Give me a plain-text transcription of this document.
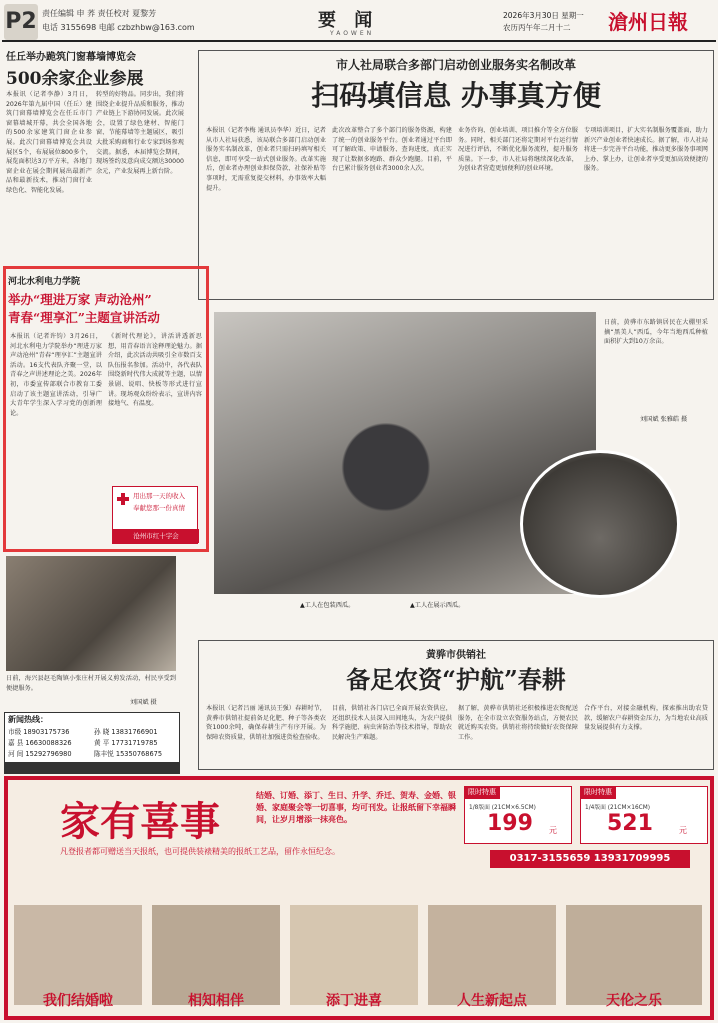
P2 责任编辑 申 荞 责任校对 夏黎芳
电话 3155698 电邮 czbzhbw@163.com	要 闻
YAOWEN
2026年3月30日 星期一
农历丙午年二月十二 滄州日報
任丘举办跪筑门窗幕墙博览会
500余家企业参展
本报讯（记者李静）3月日，2026年第九届中国（任丘）建筑门窗幕墙博览会在任丘市门窗幕墙城开幕，共会全国各地的500余家建筑门窗企业参展。此次门窗幕墙博览会共设展区5个，布展展位800多个，展览面积达3万平方米，各地门窗企业在展会期间展出最新产品和最新技术，推动门窗行业绿色化、智能化发展。
转型的好物品。同步出，我们将围绕企业提升品质和服务，推动产业链上下游协同发展。此次展会，设置了绿色建材、智能门窗、节能幕墙等主题展区，吸引大批采购商和行业专家到场参观交流。据悉，本届博览会期间，现场签约及意向成交额达30000余元，产业发展再上新台阶。
市人社局联合多部门启动创业服务实名制改革
扫码填信息 办事真方便
本报讯（记者李梅 通讯员李华）近日，记者从市人社局获悉，该局联合多部门启动创业服务实名制改革，创业者只需扫码填写相关信息，即可享受一站式创业服务。改革实施后，创业者办理创业担保贷款、社保补贴等事项时，无需重复提交材料，办事效率大幅提升。
此次改革整合了多个部门的服务资源，构建了统一的创业服务平台。创业者通过平台即可了解政策、申请服务、查询进度，真正实现了让数据多跑路、群众少跑腿。目前，平台已累计服务创业者3000余人次。
业务咨询、创业培训、项目推介等全方位服务。同时，相关部门还将定期对平台运行情况进行评估，不断优化服务流程，提升服务质量。下一步，市人社局将继续深化改革，为创业者营造更加便利的创业环境。
专项培训项目，扩大实名制服务覆盖面，助力新兴产业创业者快速成长。据了解，市人社局将进一步完善平台功能，推动更多服务事项网上办、掌上办，让创业者享受更加高效便捷的服务。
河北水利电力学院
举办“理进万家 声动沧州”
青春“理享汇”主题宣讲活动
本报讯（记者许钧）3月26日，河北水利电力学院举办“理进万家 声动沧州”青春“理享汇”主题宣讲活动。16支代表队齐聚一堂，以青春之声讲述理论之美。2026年初，市委宣传部联合市教育工委启动了该主题宣讲活动，引导广大青年学生深入学习党的创新理论。
《新时代理论》，讲活讲透新思想，用青春语言诠释理论魅力。据介绍，此次活动共吸引全市数百支队伍报名参加。活动中，各代表队围绕新时代伟大成就等主题，以情景剧、说唱、快板等形式进行宣讲。现场观众纷纷表示，宣讲内容接地气、有温度。
用出那一天的收入
奉献您那一份真情
沧州市红十字会
日前，海兴县赵毛陶镇小张庄村开展义剪发活动，村民享受到便捷服务。
刘国斌 摄
新闻热线：
市级 18903175736	孙 晓 13831766901
嘉 县 16630088326	黄 平 17731719785
河 间 15292796980	陈丰悦 15350768675
日前，黄骅市东路镇居民在大棚里采摘“黑美人”西瓜，今年当地西瓜种植面积扩大到10万余亩。
刘国斌 张雅皓 摄
▲工人在包装西瓜。	▲工人在展示西瓜。
黄骅市供销社
备足农资“护航”春耕
本报讯（记者吕丽 通讯员王强）春耕时节，黄骅市供销社提前备足化肥、种子等各类农资1000余吨，确保春耕生产有序开展。为保障农资质量，供销社加强进货检查验收。
目前，供销社各门店已全面开展农资供应，还组织技术人员深入田间地头，为农户提供科学施肥、病虫害防治等技术指导，帮助农民解决生产难题。
据了解，黄骅市供销社还积极推进农资配送服务，在全市设立农资服务站点，方便农民就近购买农资。供销社将持续做好农资保障工作。
合作平台，对接金融机构，探索推出助农贷款，缓解农户春耕资金压力，为当地农业高质量发展提供有力支撑。
家有喜事
结婚、订婚、添丁、生日、升学、乔迁、贺寿、金婚、银婚、家庭聚会等一切喜事，均可刊发。让报纸留下幸福瞬间，让岁月增添一抹亮色。
凡登报者都可赠送当天报纸，也可提供装裱精美的报纸工艺品，留作永恒纪念。
限时特惠
1/8版面 (21CM×6.5CM)
199 元
限时特惠
1/4版面 (21CM×16CM)
521	元
0317-3155659 13931709995
我们结婚啦	相知相伴	添丁进喜	人生新起点	天伦之乐
